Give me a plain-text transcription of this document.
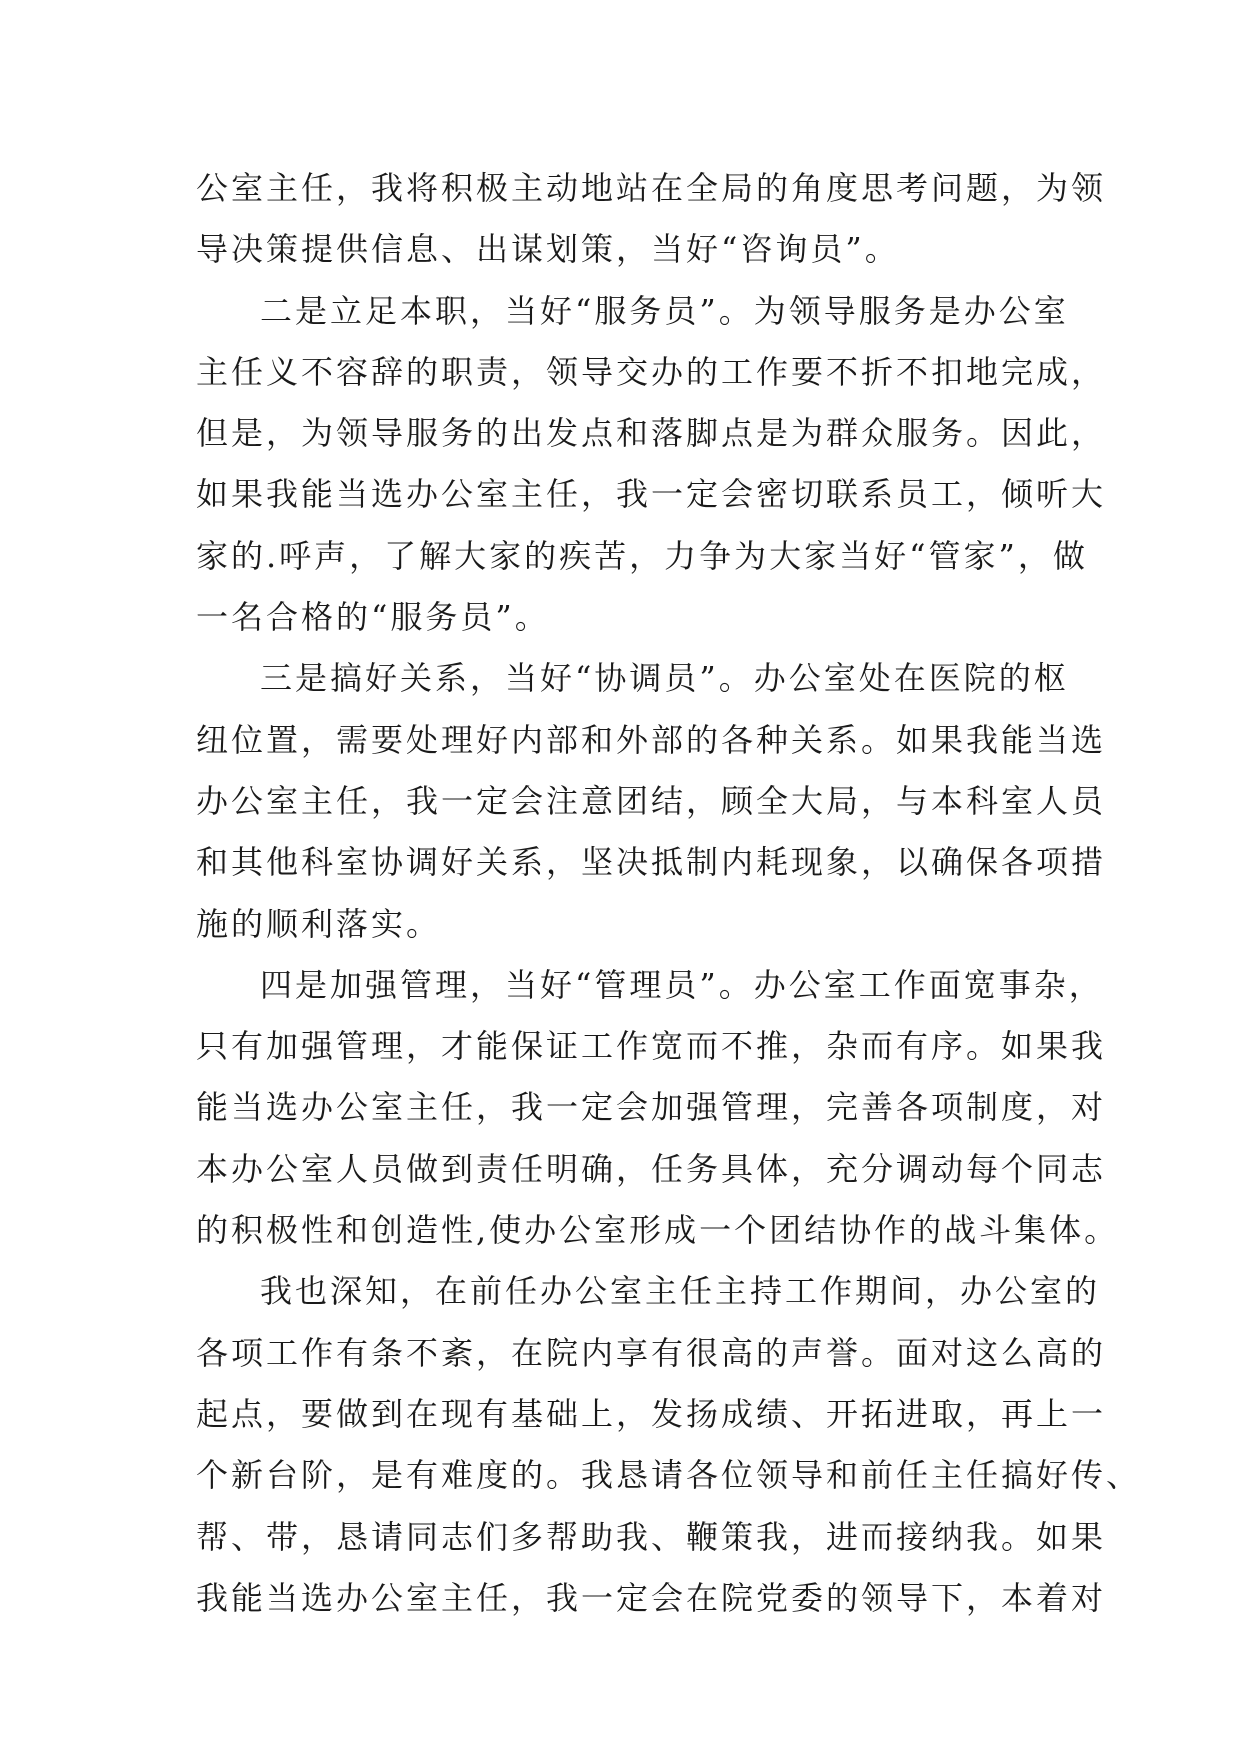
公室主任，我将积极主动地站在全局的角度思考问题，为领
导决策提供信息、出谋划策，当好“咨询员”。
二是立足本职，当好“服务员”。为领导服务是办公室
主任义不容辞的职责，领导交办的工作要不折不扣地完成，
但是，为领导服务的出发点和落脚点是为群众服务。因此，
如果我能当选办公室主任，我一定会密切联系员工，倾听大
家的.呼声，了解大家的疾苦，力争为大家当好“管家”，做
一名合格的“服务员”。
三是搞好关系，当好“协调员”。办公室处在医院的枢
纽位置，需要处理好内部和外部的各种关系。如果我能当选
办公室主任，我一定会注意团结，顾全大局，与本科室人员
和其他科室协调好关系，坚决抵制内耗现象，以确保各项措
施的顺利落实。
四是加强管理，当好“管理员”。办公室工作面宽事杂，
只有加强管理，才能保证工作宽而不推，杂而有序。如果我
能当选办公室主任，我一定会加强管理，完善各项制度，对
本办公室人员做到责任明确，任务具体，充分调动每个同志
的积极性和创造性,使办公室形成一个团结协作的战斗集体。
我也深知，在前任办公室主任主持工作期间，办公室的
各项工作有条不紊，在院内享有很高的声誉。面对这么高的
起点，要做到在现有基础上，发扬成绩、开拓进取，再上一
个新台阶，是有难度的。我恳请各位领导和前任主任搞好传、
帮、带，恳请同志们多帮助我、鞭策我，进而接纳我。如果
我能当选办公室主任，我一定会在院党委的领导下，本着对
